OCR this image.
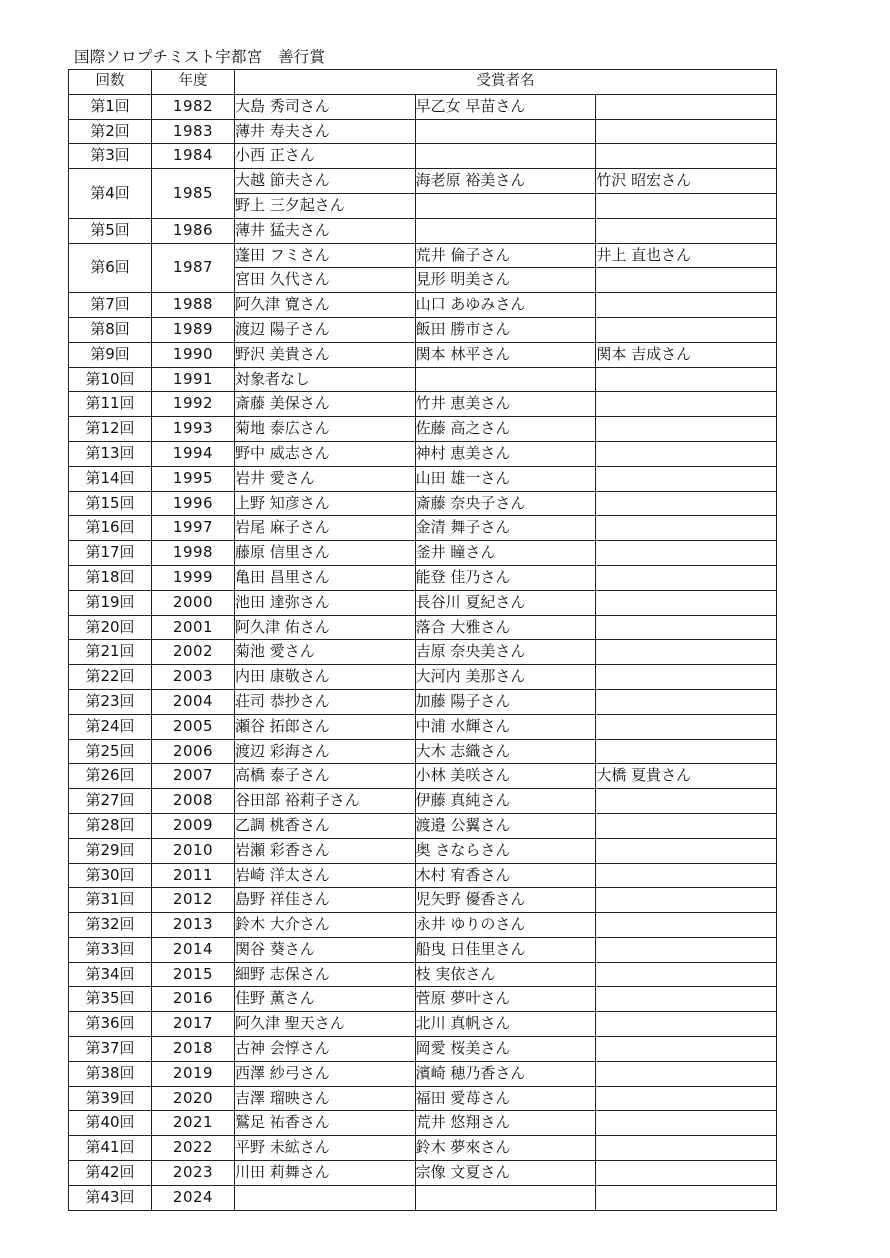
国際ソロプチミスト宇都宮　善行賞
回数	年度	受賞者名		
第1回	1982	大島 秀司さん	早乙女 早苗さん	
第2回	1983	薄井 寿夫さん		
第3回	1984	小西 正さん		
第4回	1985	大越 節夫さん	海老原 裕美さん	竹沢 昭宏さん
		野上 三夕起さん		
第5回	1986	薄井 猛夫さん		
第6回	1987	蓬田 フミさん	荒井 倫子さん	井上 直也さん
		宮田 久代さん	見形 明美さん	
第7回	1988	阿久津 寛さん	山口 あゆみさん	
第8回	1989	渡辺 陽子さん	飯田 勝市さん	
第9回	1990	野沢 美貴さん	関本 林平さん	関本 吉成さん
第10回	1991	対象者なし		
第11回	1992	斎藤 美保さん	竹井 恵美さん	
第12回	1993	菊地 泰広さん	佐藤 高之さん	
第13回	1994	野中 威志さん	神村 恵美さん	
第14回	1995	岩井 愛さん	山田 雄一さん	
第15回	1996	上野 知彦さん	斎藤 奈央子さん	
第16回	1997	岩尾 麻子さん	金清 舞子さん	
第17回	1998	藤原 信里さん	釜井 瞳さん	
第18回	1999	亀田 昌里さん	能登 佳乃さん	
第19回	2000	池田 達弥さん	長谷川 夏紀さん	
第20回	2001	阿久津 佑さん	落合 大雅さん	
第21回	2002	菊池 愛さん	吉原 奈央美さん	
第22回	2003	内田 康敬さん	大河内 美那さん	
第23回	2004	荘司 恭抄さん	加藤 陽子さん	
第24回	2005	瀬谷 拓郎さん	中浦 水輝さん	
第25回	2006	渡辺 彩海さん	大木 志織さん	
第26回	2007	高橋 泰子さん	小林 美咲さん	大橋 夏貴さん
第27回	2008	谷田部 裕莉子さん	伊藤 真純さん	
第28回	2009	乙調 桃香さん	渡邉 公翼さん	
第29回	2010	岩瀬 彩香さん	奥 さならさん	
第30回	2011	岩崎 洋太さん	木村 宥香さん	
第31回	2012	島野 祥佳さん	児矢野 優香さん	
第32回	2013	鈴木 大介さん	永井 ゆりのさん	
第33回	2014	関谷 葵さん	船曳 日佳里さん	
第34回	2015	細野 志保さん	枝 実依さん	
第35回	2016	佳野 薫さん	菅原 夢叶さん	
第36回	2017	阿久津 聖天さん	北川 真帆さん	
第37回	2018	古神 会惇さん	岡愛 桜美さん	
第38回	2019	西澤 紗弓さん	濱崎 穂乃香さん	
第39回	2020	吉澤 瑠映さん	福田 愛苺さん	
第40回	2021	鷲足 祐香さん	荒井 悠翔さん	
第41回	2022	平野 未絋さん	鈴木 夢來さん	
第42回	2023	川田 莉舞さん	宗像 文夏さん	
第43回	2024			
